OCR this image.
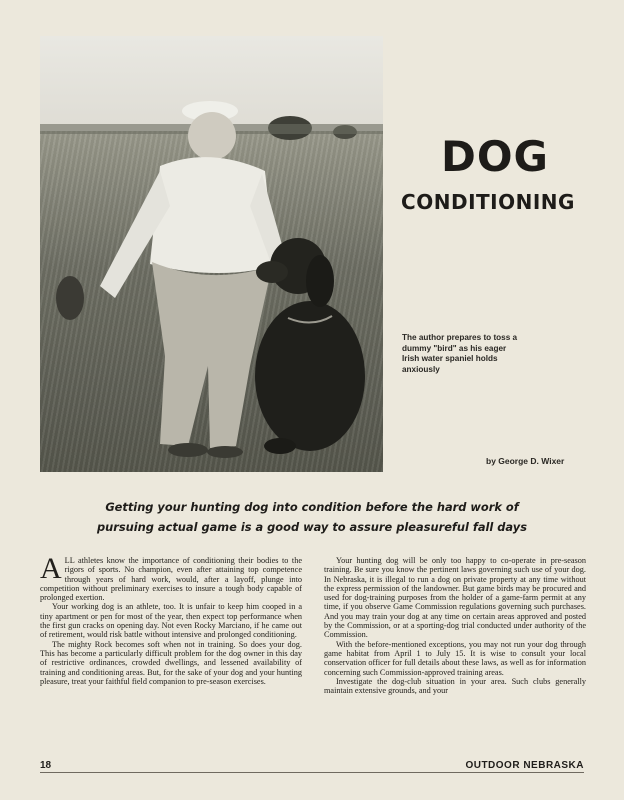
DOG
CONDITIONING
The author prepares to toss a dummy "bird" as his eager Irish water spaniel holds anxiously
by George D. Wixer
Getting your hunting dog into condition before the hard work of
pursuing actual game is a good way to assure pleasureful fall days

ALL athletes know the importance of conditioning their bodies to the rigors of sports. No champion, even after attaining top competence through years of hard work, would, after a layoff, plunge into competition without preliminary exercises to insure a tough body capable of prolonged exertion.

Your working dog is an athlete, too. It is unfair to keep him cooped in a tiny apartment or pen for most of the year, then expect top performance when the first gun cracks on opening day. Not even Rocky Marciano, if he came out of retirement, would risk battle without intensive and prolonged conditioning.

The mighty Rock becomes soft when not in training. So does your dog. This has become a particularly difficult problem for the dog owner in this day of restrictive ordinances, crowded dwellings, and lessened availability of training and conditioning areas. But, for the sake of your dog and your hunting pleasure, treat your faithful field companion to pre-season exercises.

Your hunting dog will be only too happy to co-operate in pre-season training. Be sure you know the pertinent laws governing such use of your dog. In Nebraska, it is illegal to run a dog on private property at any time without the express permission of the landowner. But game birds may be procured and used for dog-training purposes from the holder of a game-farm permit at any time, if you observe Game Commission regulations governing such purchases. And you may train your dog at any time on certain areas approved and posted by the Commission, or at a sporting-dog trial conducted under authority of the Commission.

With the before-mentioned exceptions, you may not run your dog through game habitat from April 1 to July 15. It is wise to consult your local conservation officer for full details about these laws, as well as for information concerning such Commission-approved training areas.

Investigate the dog-club situation in your area. Such clubs generally maintain extensive grounds, and your

18	OUTDOOR NEBRASKA
